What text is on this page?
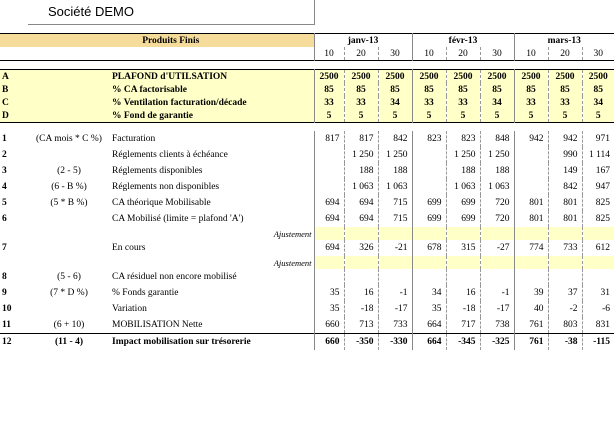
	Société DEMO										

	Produits Finis		janv-13			févr-13			mars-13		
			10	20	30	10	20	30	10	20	30

A		PLAFOND d'UTILSATION	2500	2500	2500	2500	2500	2500	2500	2500	2500
B		% CA factorisable	85	85	85	85	85	85	85	85	85
C		% Ventilation facturation/décade	33	33	34	33	33	34	33	33	34
D		% Fond de garantie	5	5	5	5	5	5	5	5	5

1	(CA mois * C %)	Facturation	817	817	842	823	823	848	942	942	971
2		Réglements clients à échéance		1 250	1 250		1 250	1 250		990	1 114
3	(2 - 5)	Réglements disponibles		188	188		188	188		149	167
4	(6 - B %)	Réglements non disponibles		1 063	1 063		1 063	1 063		842	947
5	(5 * B %)	CA théorique Mobilisable	694	694	715	699	699	720	801	801	825
6		CA Mobilisé (limite = plafond 'A')	694	694	715	699	699	720	801	801	825
		Ajustement									
7		En cours	694	326	-21	678	315	-27	774	733	612
		Ajustement									
8	(5 - 6)	CA résiduel non encore mobilisé									
9	(7 * D %)	% Fonds garantie	35	16	-1	34	16	-1	39	37	31
10		Variation	35	-18	-17	35	-18	-17	40	-2	-6
11	(6 + 10)	MOBILISATION Nette	660	713	733	664	717	738	761	803	831
12	(11 - 4)	Impact mobilisation sur trésorerie	660	-350	-330	664	-345	-325	761	-38	-115
